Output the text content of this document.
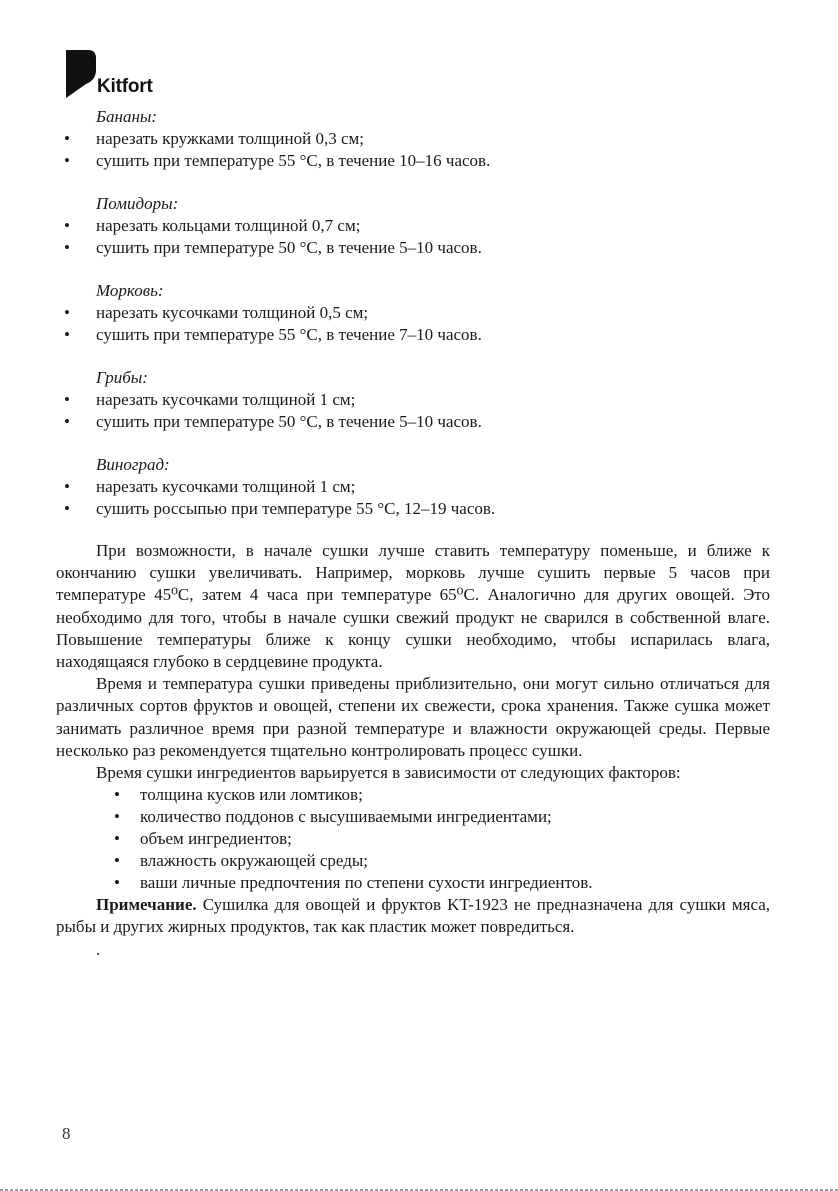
Kitfort
Бананы:
• нарезать кружками толщиной 0,3 см;
• сушить при температуре 55 °C, в течение 10–16 часов.
Помидоры:
• нарезать кольцами толщиной 0,7 см;
• сушить при температуре 50 °C, в течение 5–10 часов.
Морковь:
• нарезать кусочками толщиной 0,5 см;
• сушить при температуре 55 °C, в течение 7–10 часов.
Грибы:
• нарезать кусочками толщиной 1 см;
• сушить при температуре 50 °C, в течение 5–10 часов.
Виноград:
• нарезать кусочками толщиной 1 см;
• сушить россыпью при температуре 55 °C, 12–19 часов.

При возможности, в начале сушки лучше ставить температуру поменьше, и ближе к окончанию сушки увеличивать. Например, морковь лучше сушить первые 5 часов при температуре 45⁰С, затем 4 часа при температуре 65⁰С. Аналогично для других овощей. Это необходимо для того, чтобы в начале сушки свежий продукт не сварился в собственной влаге. Повышение температуры ближе к концу сушки необходимо, чтобы испарилась влага, находящаяся глубоко в сердцевине продукта.

Время и температура сушки приведены приблизительно, они могут сильно отличаться для различных сортов фруктов и овощей, степени их свежести, срока хранения. Также сушка может занимать различное время при разной температуре и влажности окружающей среды. Первые несколько раз рекомендуется тщательно контролировать процесс сушки.

Время сушки ингредиентов варьируется в зависимости от следующих факторов:

• толщина кусков или ломтиков;
• количество поддонов с высушиваемыми ингредиентами;
• объем ингредиентов;
• влажность окружающей среды;
• ваши личные предпочтения по степени сухости ингредиентов.

Примечание. Сушилка для овощей и фруктов KT-1923 не предназначена для сушки мяса, рыбы и других жирных продуктов, так как пластик может повредиться.

.
8
